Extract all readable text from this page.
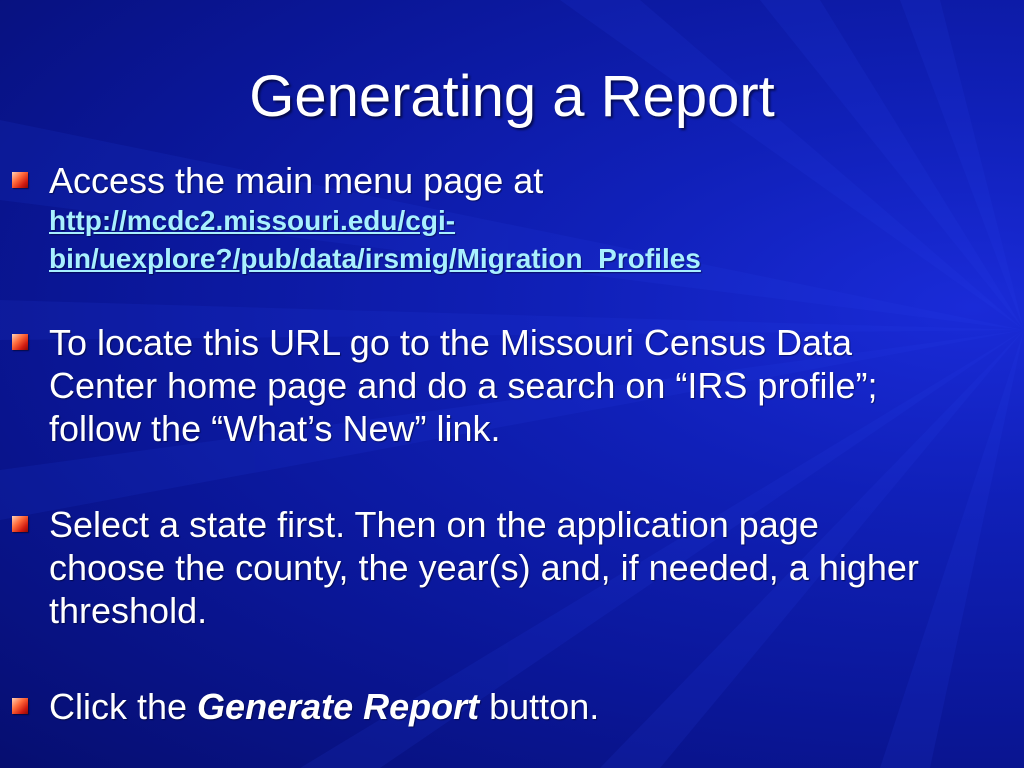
Generating a Report
Access the main menu page at
http://mcdc2.missouri.edu/cgi-
bin/uexplore?/pub/data/irsmig/Migration_Profiles
To locate this URL go to the Missouri Census Data
Center home page and do a search on “IRS profile”;
follow the “What’s New” link.
Select a state first. Then on the application page
choose the county, the year(s) and, if needed, a higher
threshold.
Click the Generate Report button.
